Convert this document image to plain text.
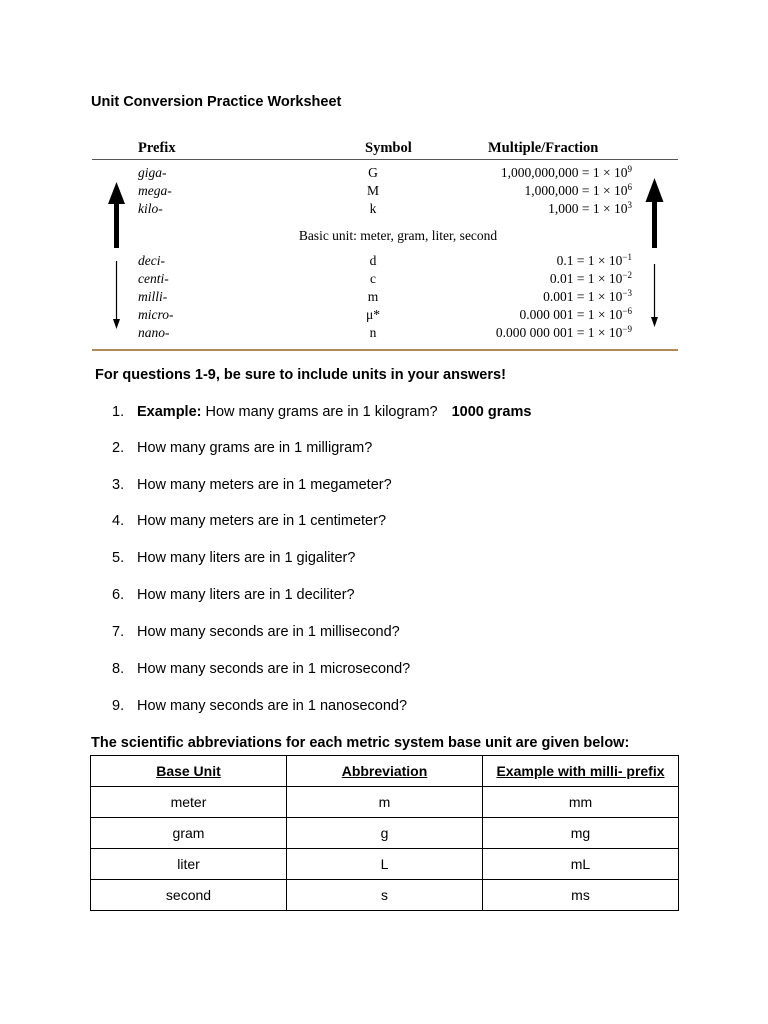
Unit Conversion Practice Worksheet
Prefix	Symbol	Multiple/Fraction
giga-	G	$1,000,000,000 = 1 \times 10^9$
mega-	M	$1,000,000 = 1 \times 10^6$
kilo-	k	$1,000 = 1 \times 10^3$
Basic unit: meter, gram, liter, second
deci-	d	$0.1 = 1 \times 10^{-1}$
centi-	c	$0.01 = 1 \times 10^{-2}$
milli-	m	$0.001 = 1 \times 10^{-3}$
micro-	μ*	0.000 $001 = 1 \times 10^{-6}$
nano-	n	0.000 000 $001 = 1 \times 10^{-9}$
For questions 1-9, be sure to include units in your answers!
1. Example: How many grams are in 1 kilogram? 1000 grams
2. How many grams are in 1 milligram?
3. How many meters are in 1 megameter?
4. How many meters are in 1 centimeter?
5. How many liters are in 1 gigaliter?
6. How many liters are in 1 deciliter?
7. How many seconds are in 1 millisecond?
8. How many seconds are in 1 microsecond?
9. How many seconds are in 1 nanosecond?
The scientific abbreviations for each metric system base unit are given below:
Base Unit	Abbreviation	Example with milli- prefix
meter	m	mm
gram	g	mg
liter	L	mL
second	s	ms
